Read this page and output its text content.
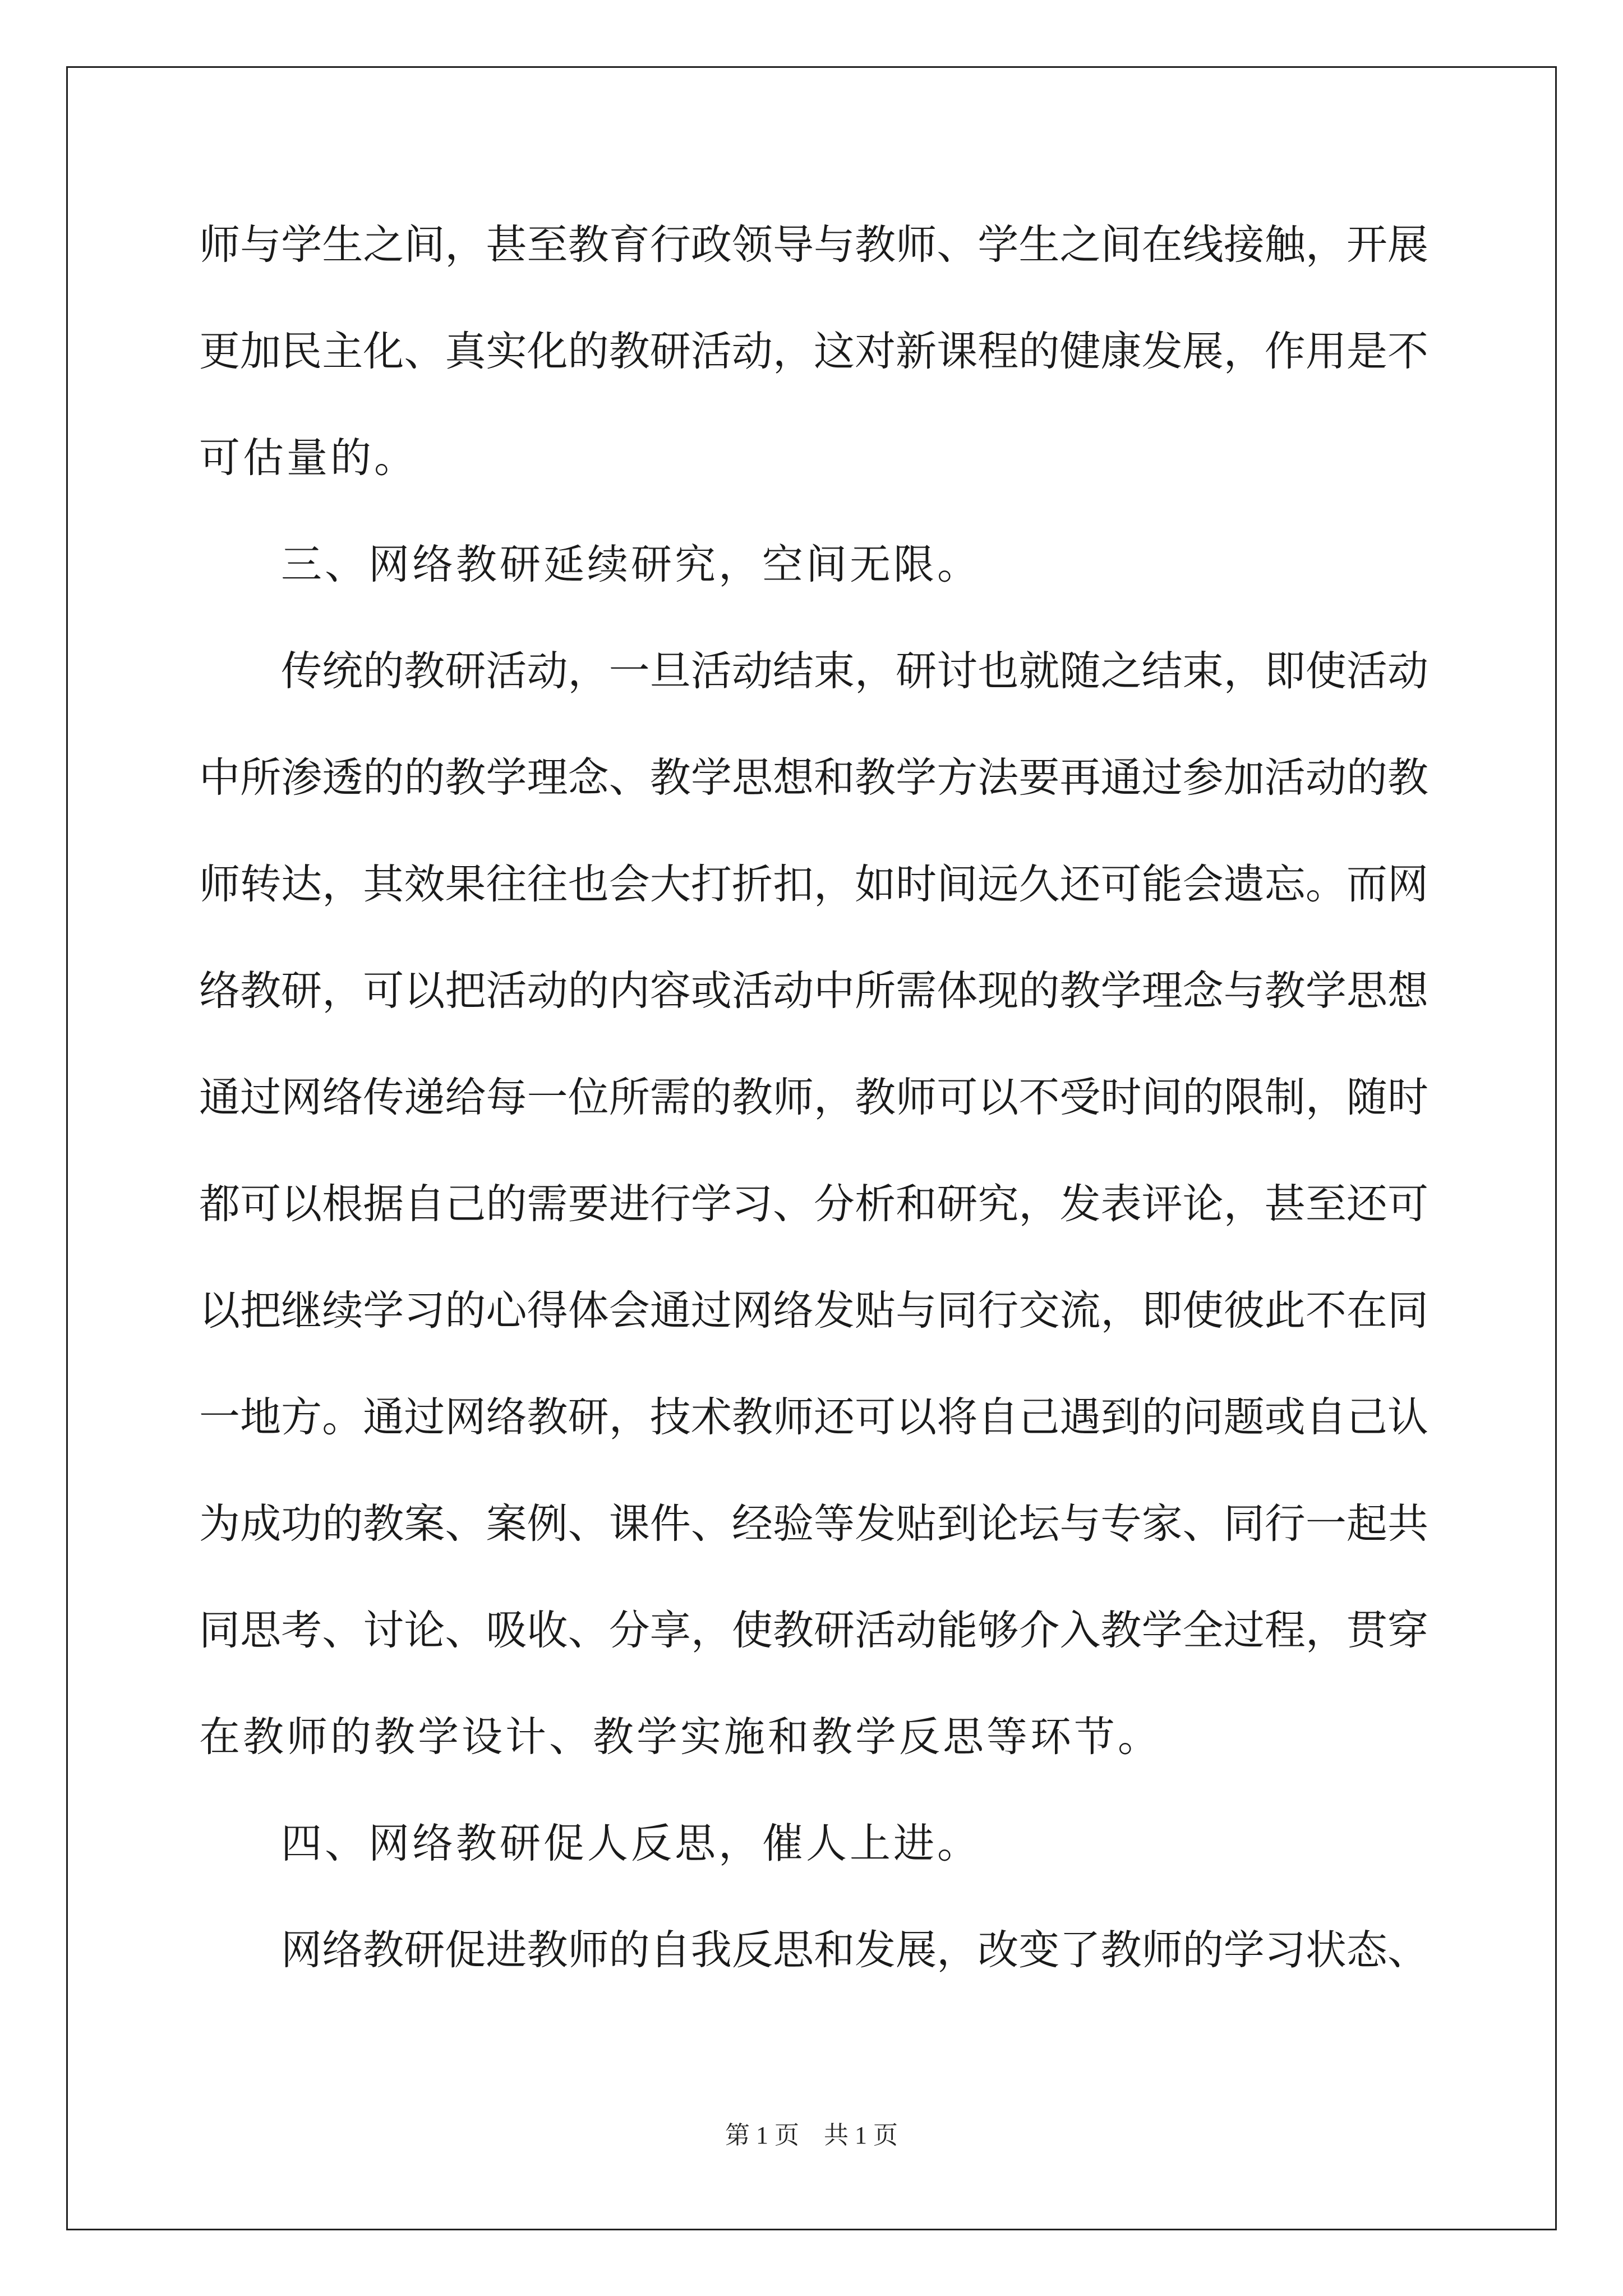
师与学生之间，甚至教育行政领导与教师、学生之间在线接触，开展
更加民主化、真实化的教研活动，这对新课程的健康发展，作用是不
可估量的。
三、网络教研延续研究，空间无限。
传统的教研活动，一旦活动结束，研讨也就随之结束，即使活动
中所渗透的的教学理念、教学思想和教学方法要再通过参加活动的教
师转达，其效果往往也会大打折扣，如时间远久还可能会遗忘。而网
络教研，可以把活动的内容或活动中所需体现的教学理念与教学思想
通过网络传递给每一位所需的教师，教师可以不受时间的限制，随时
都可以根据自己的需要进行学习、分析和研究，发表评论，甚至还可
以把继续学习的心得体会通过网络发贴与同行交流，即使彼此不在同
一地方。通过网络教研，技术教师还可以将自己遇到的问题或自己认
为成功的教案、案例、课件、经验等发贴到论坛与专家、同行一起共
同思考、讨论、吸收、分享，使教研活动能够介入教学全过程，贯穿
在教师的教学设计、教学实施和教学反思等环节。
四、网络教研促人反思，催人上进。
网络教研促进教师的自我反思和发展，改变了教师的学习状态、
第 1 页　共 1 页
